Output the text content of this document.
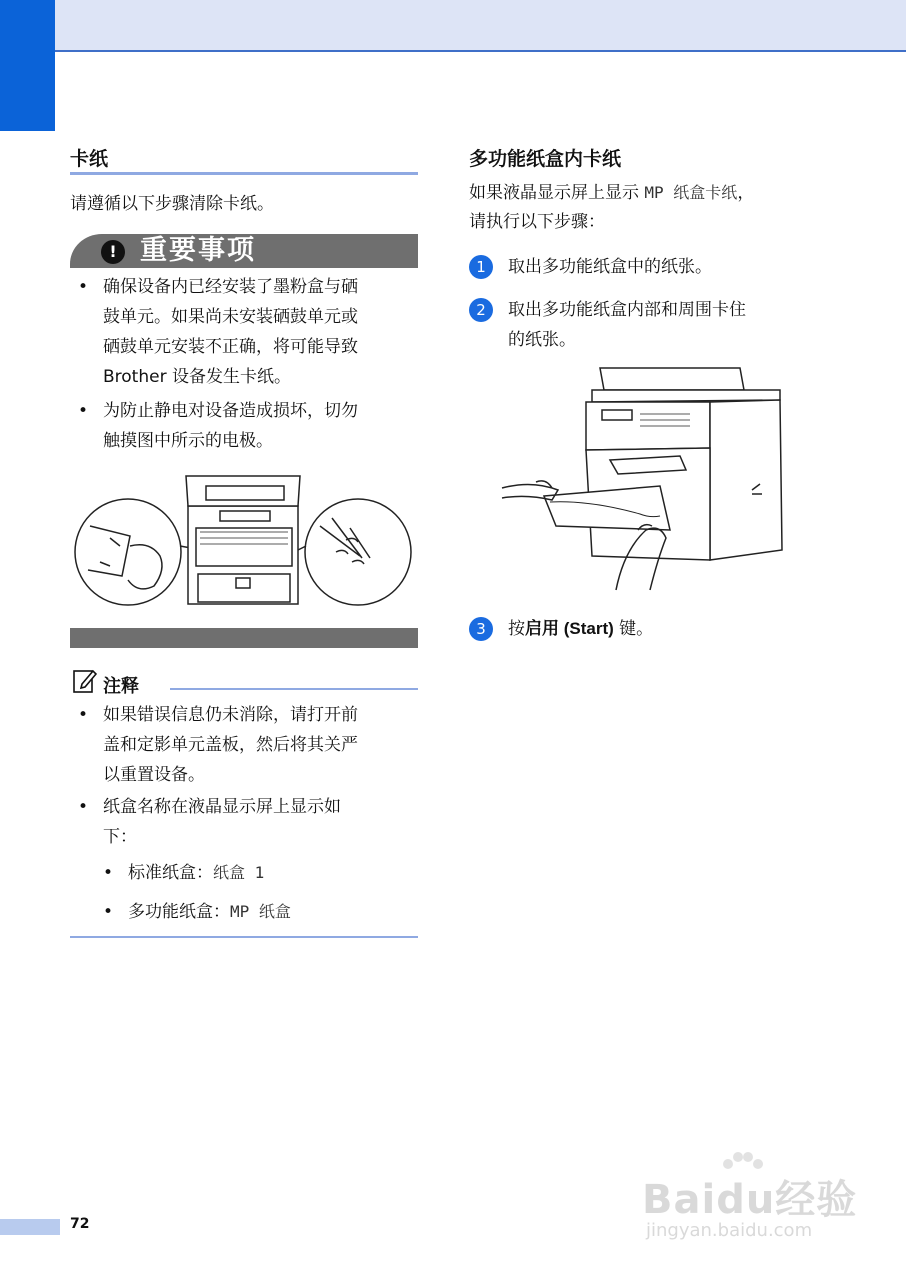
卡纸
请遵循以下步骤清除卡纸。
! 重要事项
• 确保设备内已经安装了墨粉盒与硒
鼓单元。如果尚未安装硒鼓单元或
硒鼓单元安装不正确，将可能导致
Brother 设备发生卡纸。
• 为防止静电对设备造成损坏，切勿
触摸图中所示的电极。
注释
• 如果错误信息仍未消除，请打开前
盖和定影单元盖板，然后将其关严
以重置设备。
• 纸盒名称在液晶显示屏上显示如
下：
• 标准纸盒：纸盒 1
• 多功能纸盒：MP 纸盒
多功能纸盒内卡纸
如果液晶显示屏上显示 MP 纸盒卡纸，
请执行以下步骤：
1	取出多功能纸盒中的纸张。
2	取出多功能纸盒内部和周围卡住
的纸张。
3	按启用 (Start) 键。
72
Baidu经验
jingyan.baidu.com
